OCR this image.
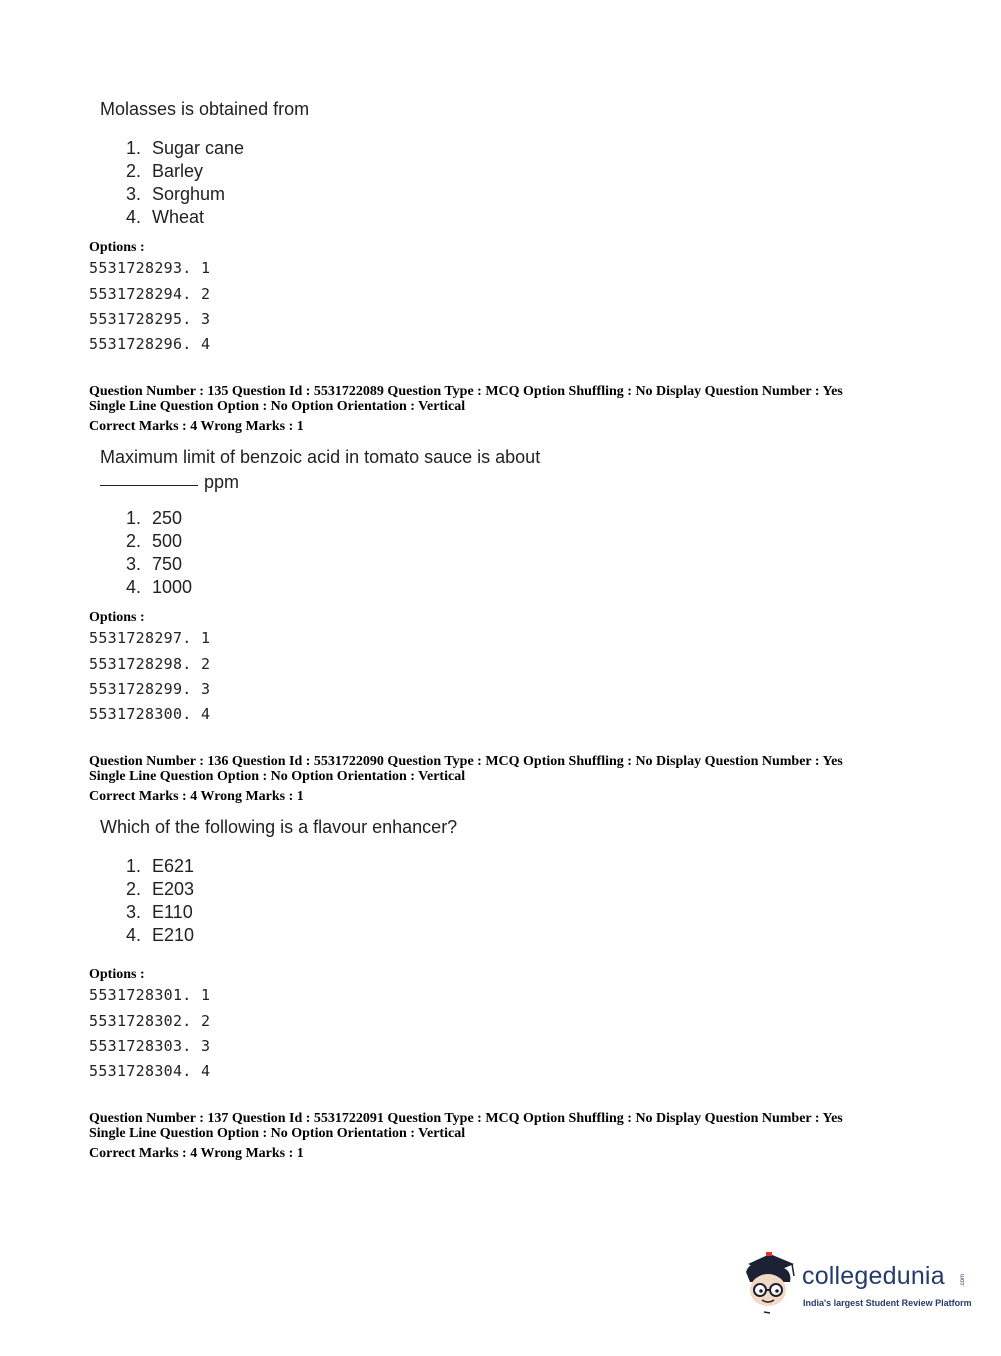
Molasses is obtained from
1. Sugar cane
2. Barley
3. Sorghum
4. Wheat
Options :
5531728293. 1
5531728294. 2
5531728295. 3
5531728296. 4
Question Number : 135 Question Id : 5531722089 Question Type : MCQ Option Shuffling : No Display Question Number : Yes
Single Line Question Option : No Option Orientation : Vertical
Correct Marks : 4 Wrong Marks : 1
Maximum limit of benzoic acid in tomato sauce is about
ppm
1. 250
2. 500
3. 750
4. 1000
Options :
5531728297. 1
5531728298. 2
5531728299. 3
5531728300. 4
Question Number : 136 Question Id : 5531722090 Question Type : MCQ Option Shuffling : No Display Question Number : Yes
Single Line Question Option : No Option Orientation : Vertical
Correct Marks : 4 Wrong Marks : 1
Which of the following is a flavour enhancer?
1. E621
2. E203
3. E110
4. E210
Options :
5531728301. 1
5531728302. 2
5531728303. 3
5531728304. 4
Question Number : 137 Question Id : 5531722091 Question Type : MCQ Option Shuffling : No Display Question Number : Yes
Single Line Question Option : No Option Orientation : Vertical
Correct Marks : 4 Wrong Marks : 1
collegedunia	.com
India's largest Student Review Platform
